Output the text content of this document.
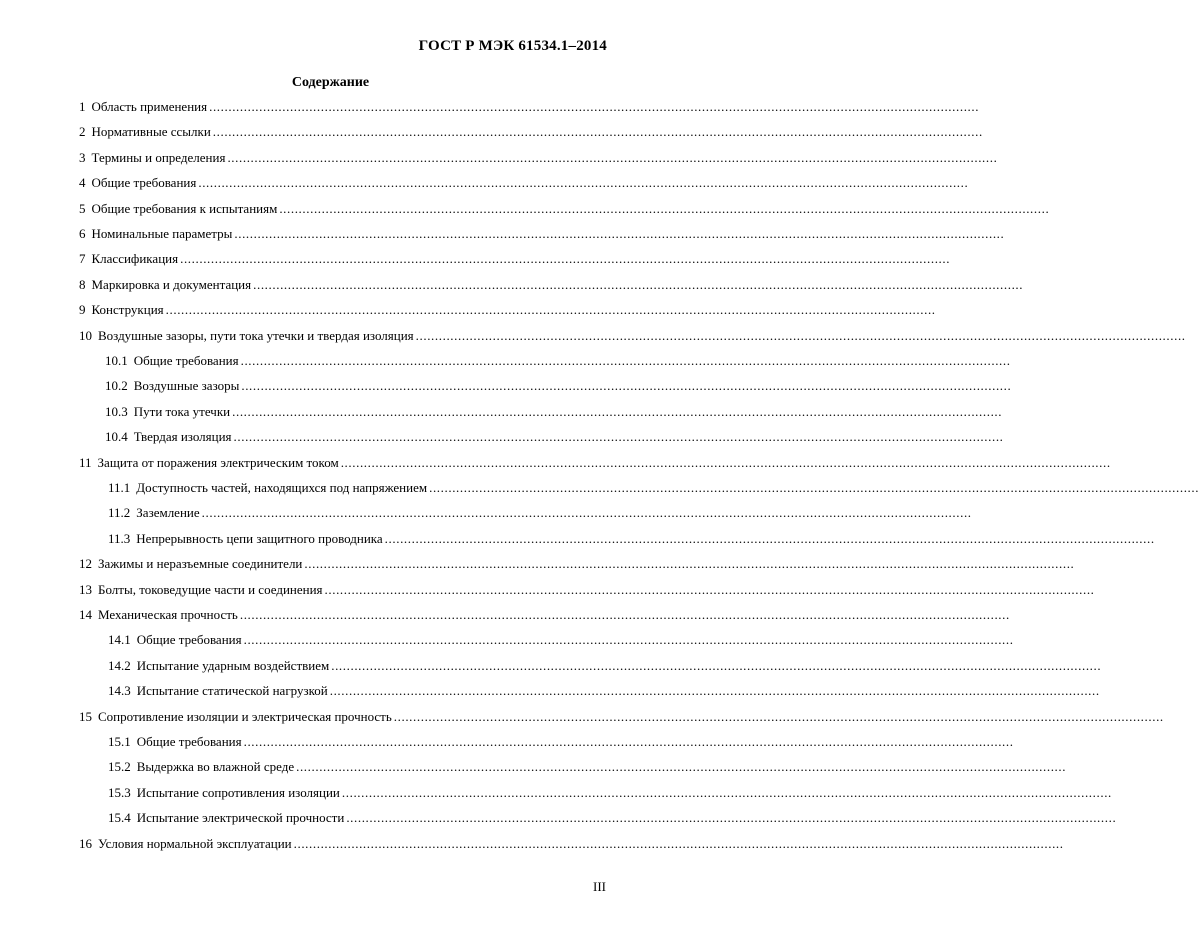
ГОСТ Р МЭК 61534.1–2014
Содержание
1 Область применения ........................................................................................................................................................................................................
2 Нормативные ссылки ........................................................................................................................................................................................................
3 Термины и определения ........................................................................................................................................................................................................
4 Общие требования ........................................................................................................................................................................................................
5 Общие требования к испытаниям ........................................................................................................................................................................................................
6 Номинальные параметры ........................................................................................................................................................................................................
7 Классификация ........................................................................................................................................................................................................
8 Маркировка и документация ........................................................................................................................................................................................................
9 Конструкция ........................................................................................................................................................................................................
10 Воздушные зазоры, пути тока утечки и твердая изоляция ........................................................................................................................................................................................................
10.1 Общие требования ........................................................................................................................................................................................................
10.2 Воздушные зазоры ........................................................................................................................................................................................................
10.3 Пути тока утечки ........................................................................................................................................................................................................
10.4 Твердая изоляция ........................................................................................................................................................................................................
11 Защита от поражения электрическим током ........................................................................................................................................................................................................
11.1 Доступность частей, находящихся под напряжением ........................................................................................................................................................................................................
11.2 Заземление ........................................................................................................................................................................................................
11.3 Непрерывность цепи защитного проводника ........................................................................................................................................................................................................
12 Зажимы и неразъемные соединители ........................................................................................................................................................................................................
13 Болты, токоведущие части и соединения ........................................................................................................................................................................................................
14 Механическая прочность ........................................................................................................................................................................................................
14.1 Общие требования ........................................................................................................................................................................................................
14.2 Испытание ударным воздействием ........................................................................................................................................................................................................
14.3 Испытание статической нагрузкой ........................................................................................................................................................................................................
15 Сопротивление изоляции и электрическая прочность ........................................................................................................................................................................................................
15.1 Общие требования ........................................................................................................................................................................................................
15.2 Выдержка во влажной среде ........................................................................................................................................................................................................
15.3 Испытание сопротивления изоляции ........................................................................................................................................................................................................
15.4 Испытание электрической прочности ........................................................................................................................................................................................................
16 Условия нормальной эксплуатации ........................................................................................................................................................................................................
III
